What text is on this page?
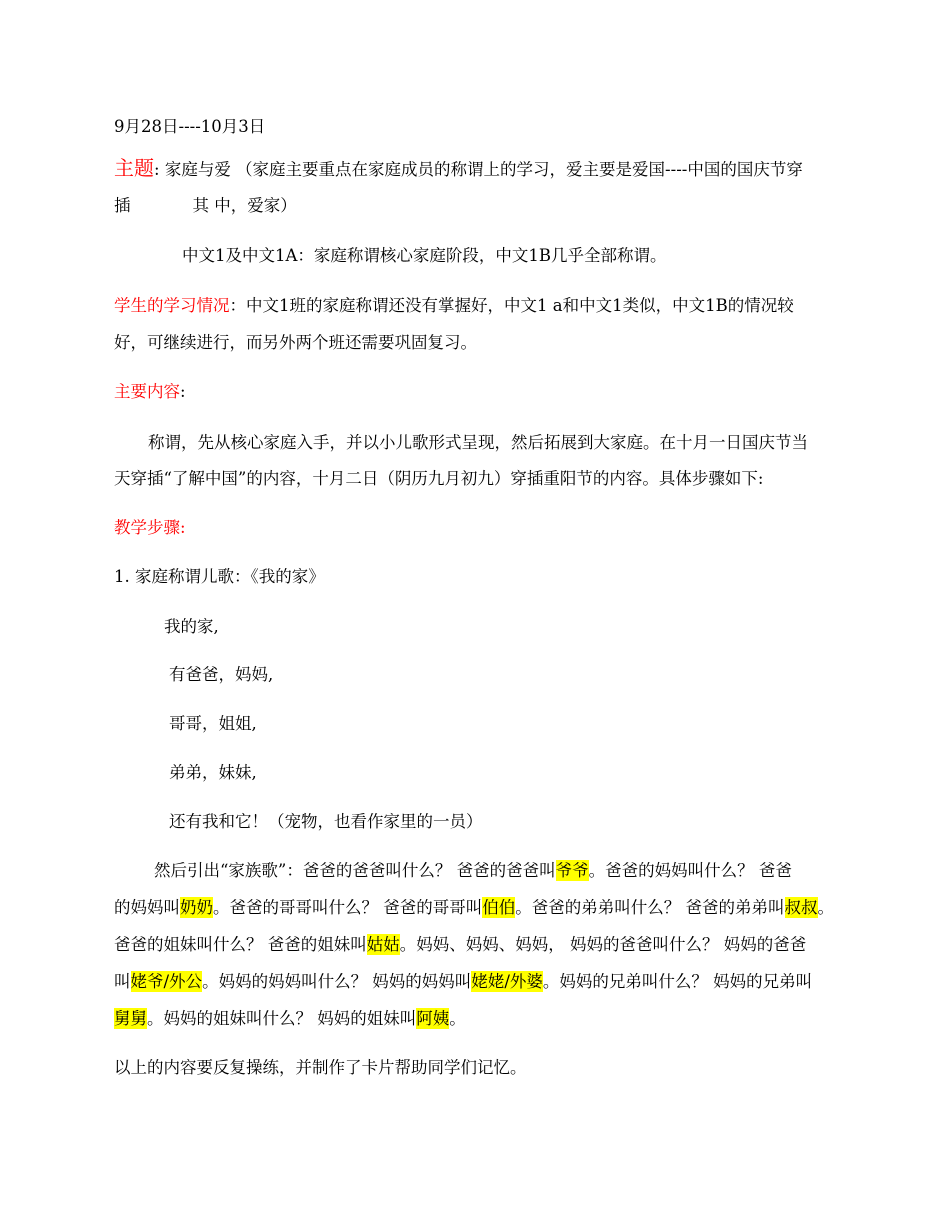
9月28日----10月3日
主题: 家庭与爱 （家庭主要重点在家庭成员的称谓上的学习，爱主要是爱国----中国的国庆节穿
插	其 中，爱家）
中文1及中文1A：家庭称谓核心家庭阶段，中文1B几乎全部称谓。
学生的学习情况：中文1班的家庭称谓还没有掌握好，中文1 a和中文1类似，中文1B的情况较
好，可继续进行，而另外两个班还需要巩固复习。
主要内容:
称谓，先从核心家庭入手，并以小儿歌形式呈现，然后拓展到大家庭。在十月一日国庆节当
天穿插“了解中国”的内容，十月二日（阴历九月初九）穿插重阳节的内容。具体步骤如下:
教学步骤:
1. 家庭称谓儿歌：《我的家》
我的家,
有爸爸，妈妈,
哥哥，姐姐,
弟弟，妹妹,
还有我和它！（宠物，也看作家里的一员）
然后引出“家族歌”：爸爸的爸爸叫什么？ 爸爸的爸爸叫爷爷。爸爸的妈妈叫什么？ 爸爸
的妈妈叫奶奶。爸爸的哥哥叫什么？ 爸爸的哥哥叫伯伯。爸爸的弟弟叫什么？ 爸爸的弟弟叫叔叔。
爸爸的姐妹叫什么？ 爸爸的姐妹叫姑姑。妈妈、妈妈、妈妈， 妈妈的爸爸叫什么？ 妈妈的爸爸
叫姥爷/外公。妈妈的妈妈叫什么？ 妈妈的妈妈叫姥姥/外婆。妈妈的兄弟叫什么？ 妈妈的兄弟叫
舅舅。妈妈的姐妹叫什么？ 妈妈的姐妹叫阿姨。
以上的内容要反复操练，并制作了卡片帮助同学们记忆。
